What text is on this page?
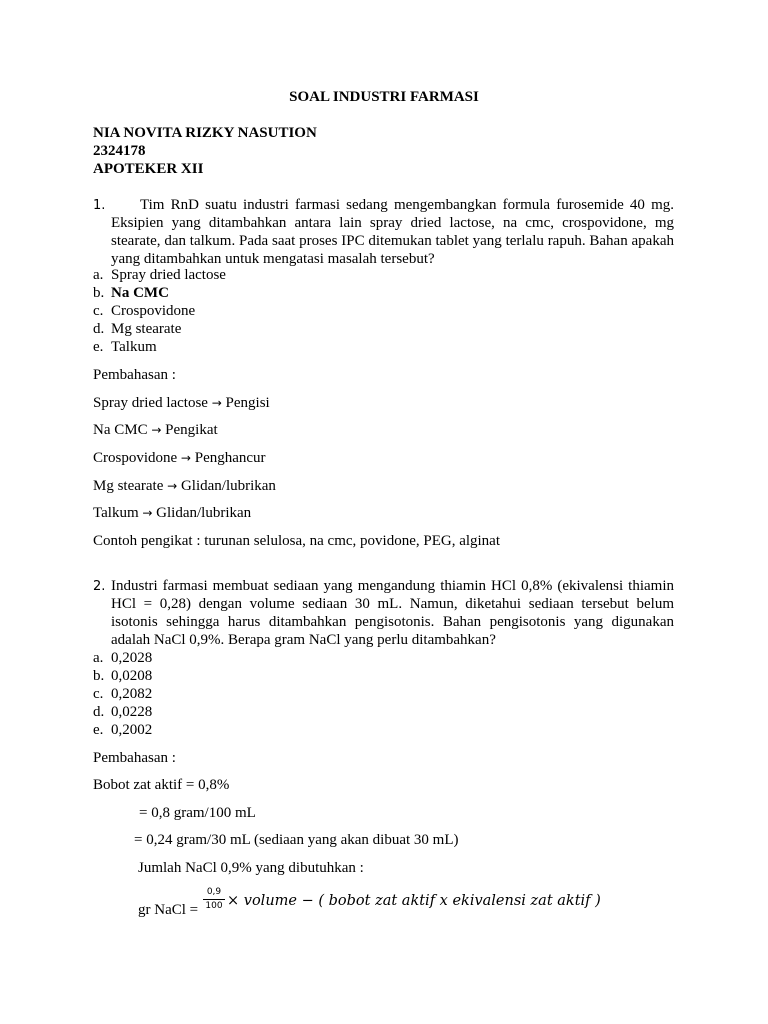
SOAL INDUSTRI FARMASI
NIA NOVITA RIZKY NASUTION
2324178
APOTEKER XII
1.	Tim RnD suatu industri farmasi sedang mengembangkan formula furosemide 40 mg. Eksipien yang ditambahkan antara lain spray dried lactose, na cmc, crospovidone, mg stearate, dan talkum. Pada saat proses IPC ditemukan tablet yang terlalu rapuh. Bahan apakah yang ditambahkan untuk mengatasi masalah tersebut?
a. Spray dried lactose
b. Na CMC
c. Crospovidone
d. Mg stearate
e. Talkum
Pembahasan :
Spray dried lactose → Pengisi
Na CMC → Pengikat
Crospovidone → Penghancur
Mg stearate → Glidan/lubrikan
Talkum → Glidan/lubrikan
Contoh pengikat : turunan selulosa, na cmc, povidone, PEG, alginat
2. Industri farmasi membuat sediaan yang mengandung thiamin HCl 0,8% (ekivalensi thiamin HCl = 0,28) dengan volume sediaan 30 mL. Namun, diketahui sediaan tersebut belum isotonis sehingga harus ditambahkan pengisotonis. Bahan pengisotonis yang digunakan adalah NaCl 0,9%. Berapa gram NaCl yang perlu ditambahkan?
a. 0,2028
b. 0,0208
c. 0,2082
d. 0,0228
e. 0,2002
Pembahasan :
Bobot zat aktif = 0,8%
= 0,8 gram/100 mL
= 0,24 gram/30 mL (sediaan yang akan dibuat 30 mL)
Jumlah NaCl 0,9% yang dibutuhkan :
gr NaCl =
0,9
100 × volume − ( bobot zat aktif x ekivalensi zat aktif )
